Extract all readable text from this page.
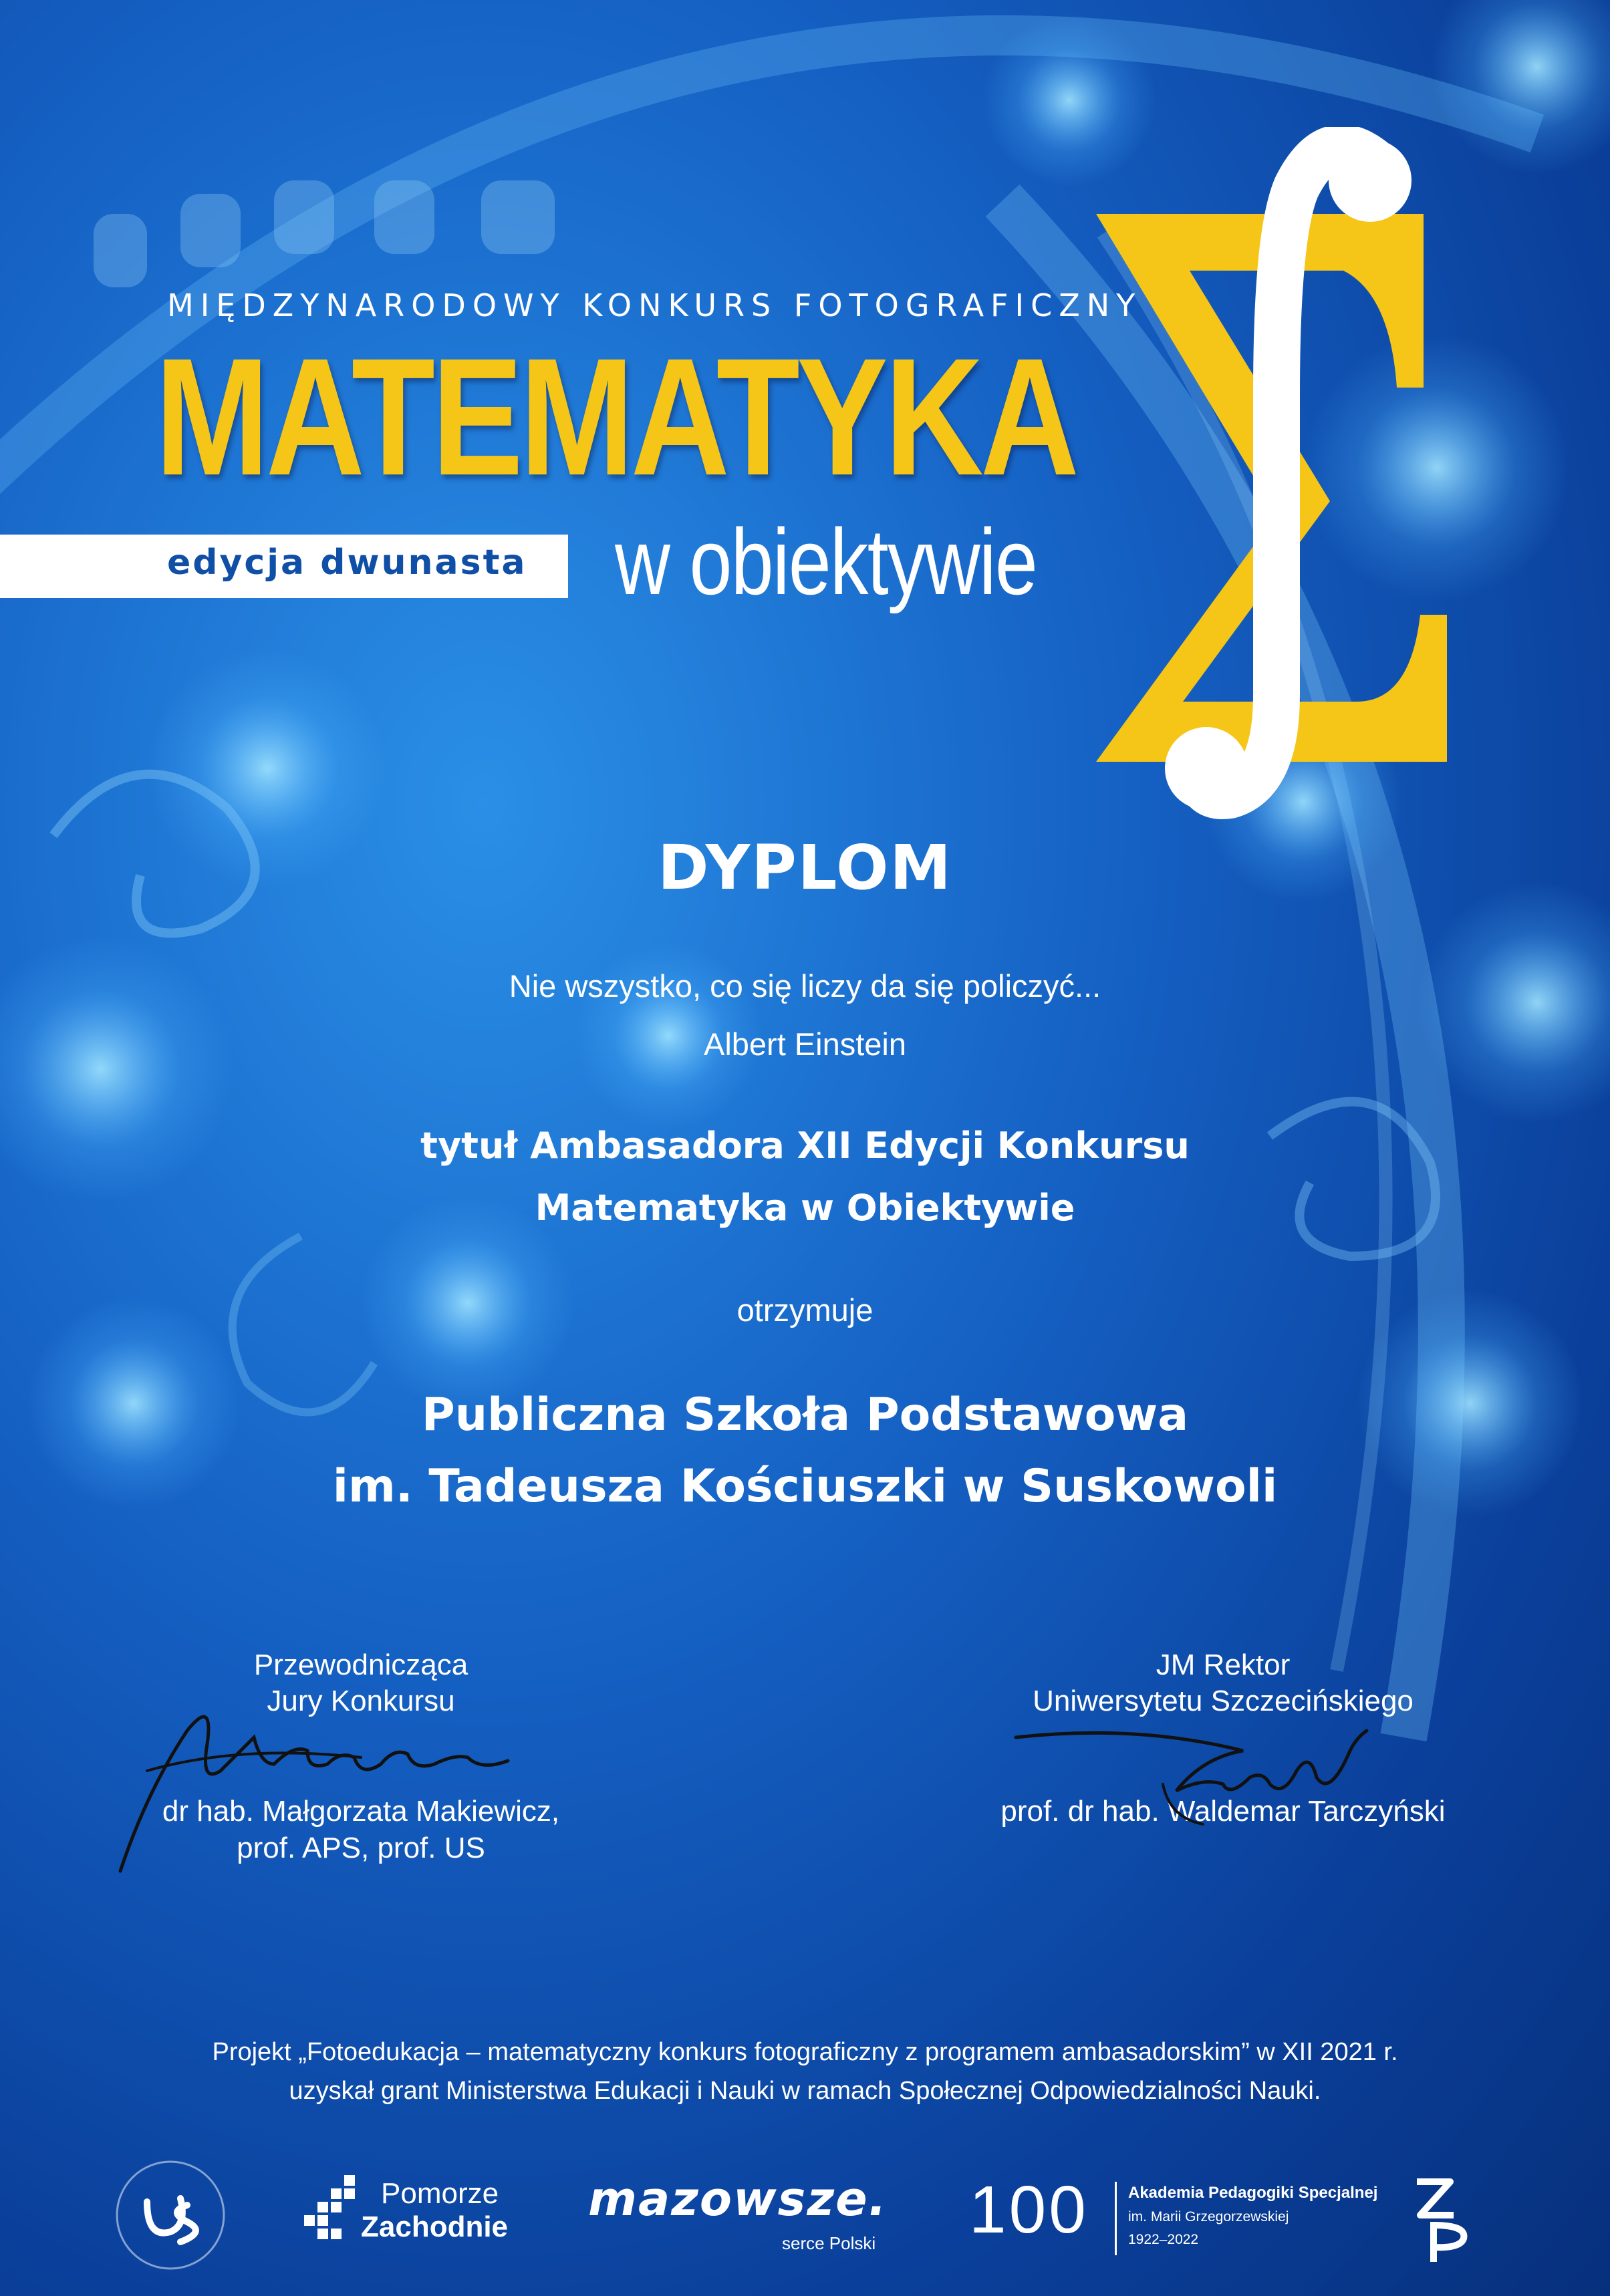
MIĘDZYNARODOWY KONKURS FOTOGRAFICZNY
MATEMATYKA
edycja dwunasta w obiektywie
DYPLOM
Nie wszystko, co się liczy da się policzyć...
Albert Einstein
tytuł Ambasadora XII Edycji Konkursu
Matematyka w Obiektywie
otrzymuje
Publiczna Szkoła Podstawowa
im. Tadeusza Kościuszki w Suskowoli
Przewodnicząca
Jury Konkursu
dr hab. Małgorzata Makiewicz,
prof. APS, prof. US
JM Rektor
Uniwersytetu Szczecińskiego
prof. dr hab. Waldemar Tarczyński
Projekt „Fotoedukacja – matematyczny konkurs fotograficzny z programem ambasadorskim” w XII 2021 r.
uzyskał grant Ministerstwa Edukacji i Nauki w ramach Społecznej Odpowiedzialności Nauki.
Pomorze
Zachodnie
mazowsze.
serce Polski 100 Akademia Pedagogiki Specjalnej
im. Marii Grzegorzewskiej
1922–2022
